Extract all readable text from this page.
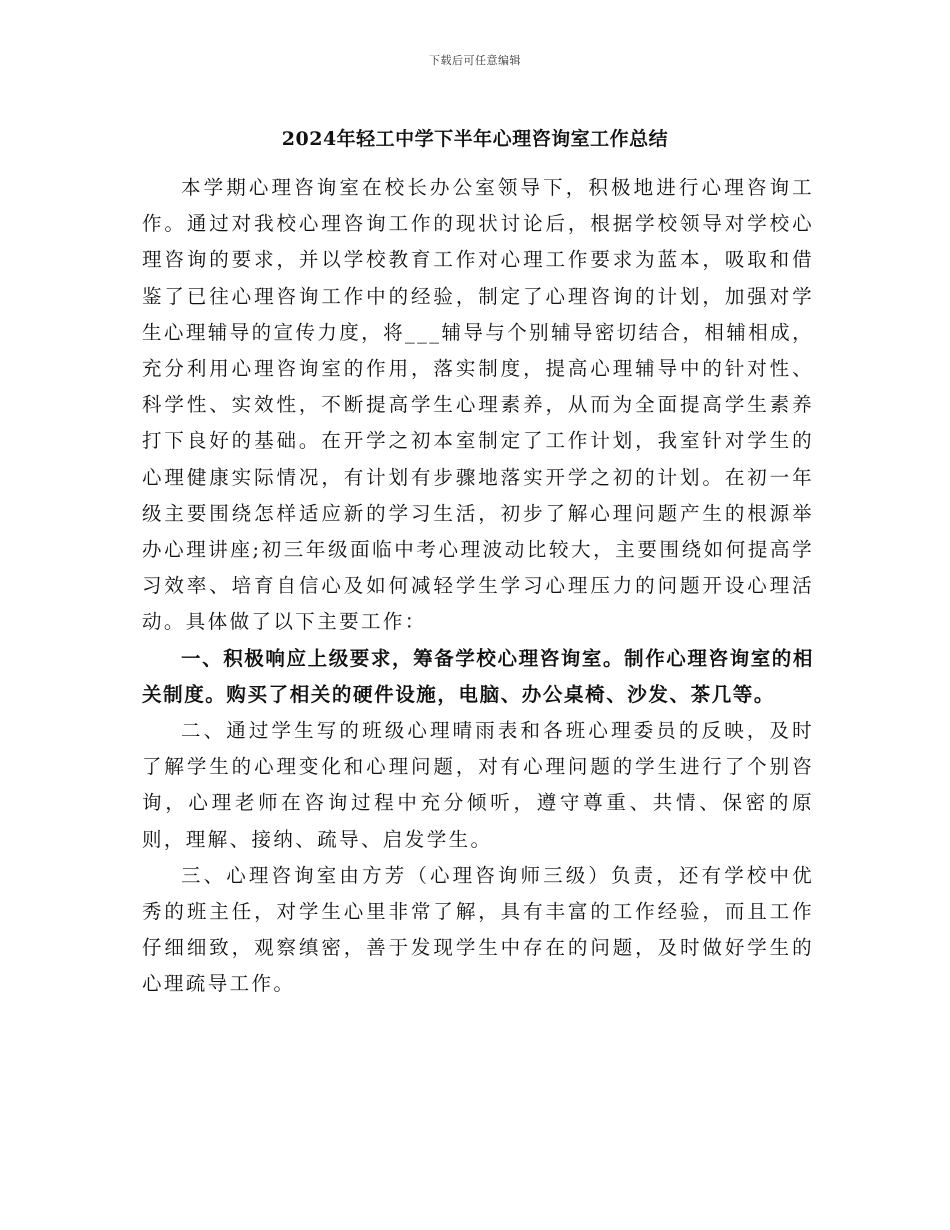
下载后可任意编辑
2024年轻工中学下半年心理咨询室工作总结

本学期心理咨询室在校长办公室领导下，积极地进行心理咨询工作。通过对我校心理咨询工作的现状讨论后，根据学校领导对学校心理咨询的要求，并以学校教育工作对心理工作要求为蓝本，吸取和借鉴了已往心理咨询工作中的经验，制定了心理咨询的计划，加强对学生心理辅导的宣传力度，将___辅导与个别辅导密切结合，相辅相成，充分利用心理咨询室的作用，落实制度，提高心理辅导中的针对性、科学性、实效性，不断提高学生心理素养，从而为全面提高学生素养打下良好的基础。在开学之初本室制定了工作计划，我室针对学生的心理健康实际情况，有计划有步骤地落实开学之初的计划。在初一年级主要围绕怎样适应新的学习生活，初步了解心理问题产生的根源举办心理讲座;初三年级面临中考心理波动比较大，主要围绕如何提高学习效率、培育自信心及如何减轻学生学习心理压力的问题开设心理活动。具体做了以下主要工作：

一、积极响应上级要求，筹备学校心理咨询室。制作心理咨询室的相关制度。购买了相关的硬件设施，电脑、办公桌椅、沙发、茶几等。

二、通过学生写的班级心理晴雨表和各班心理委员的反映，及时了解学生的心理变化和心理问题，对有心理问题的学生进行了个别咨询，心理老师在咨询过程中充分倾听，遵守尊重、共情、保密的原则，理解、接纳、疏导、启发学生。

三、心理咨询室由方芳（心理咨询师三级）负责，还有学校中优秀的班主任，对学生心里非常了解，具有丰富的工作经验，而且工作仔细细致，观察缜密，善于发现学生中存在的问题，及时做好学生的心理疏导工作。
